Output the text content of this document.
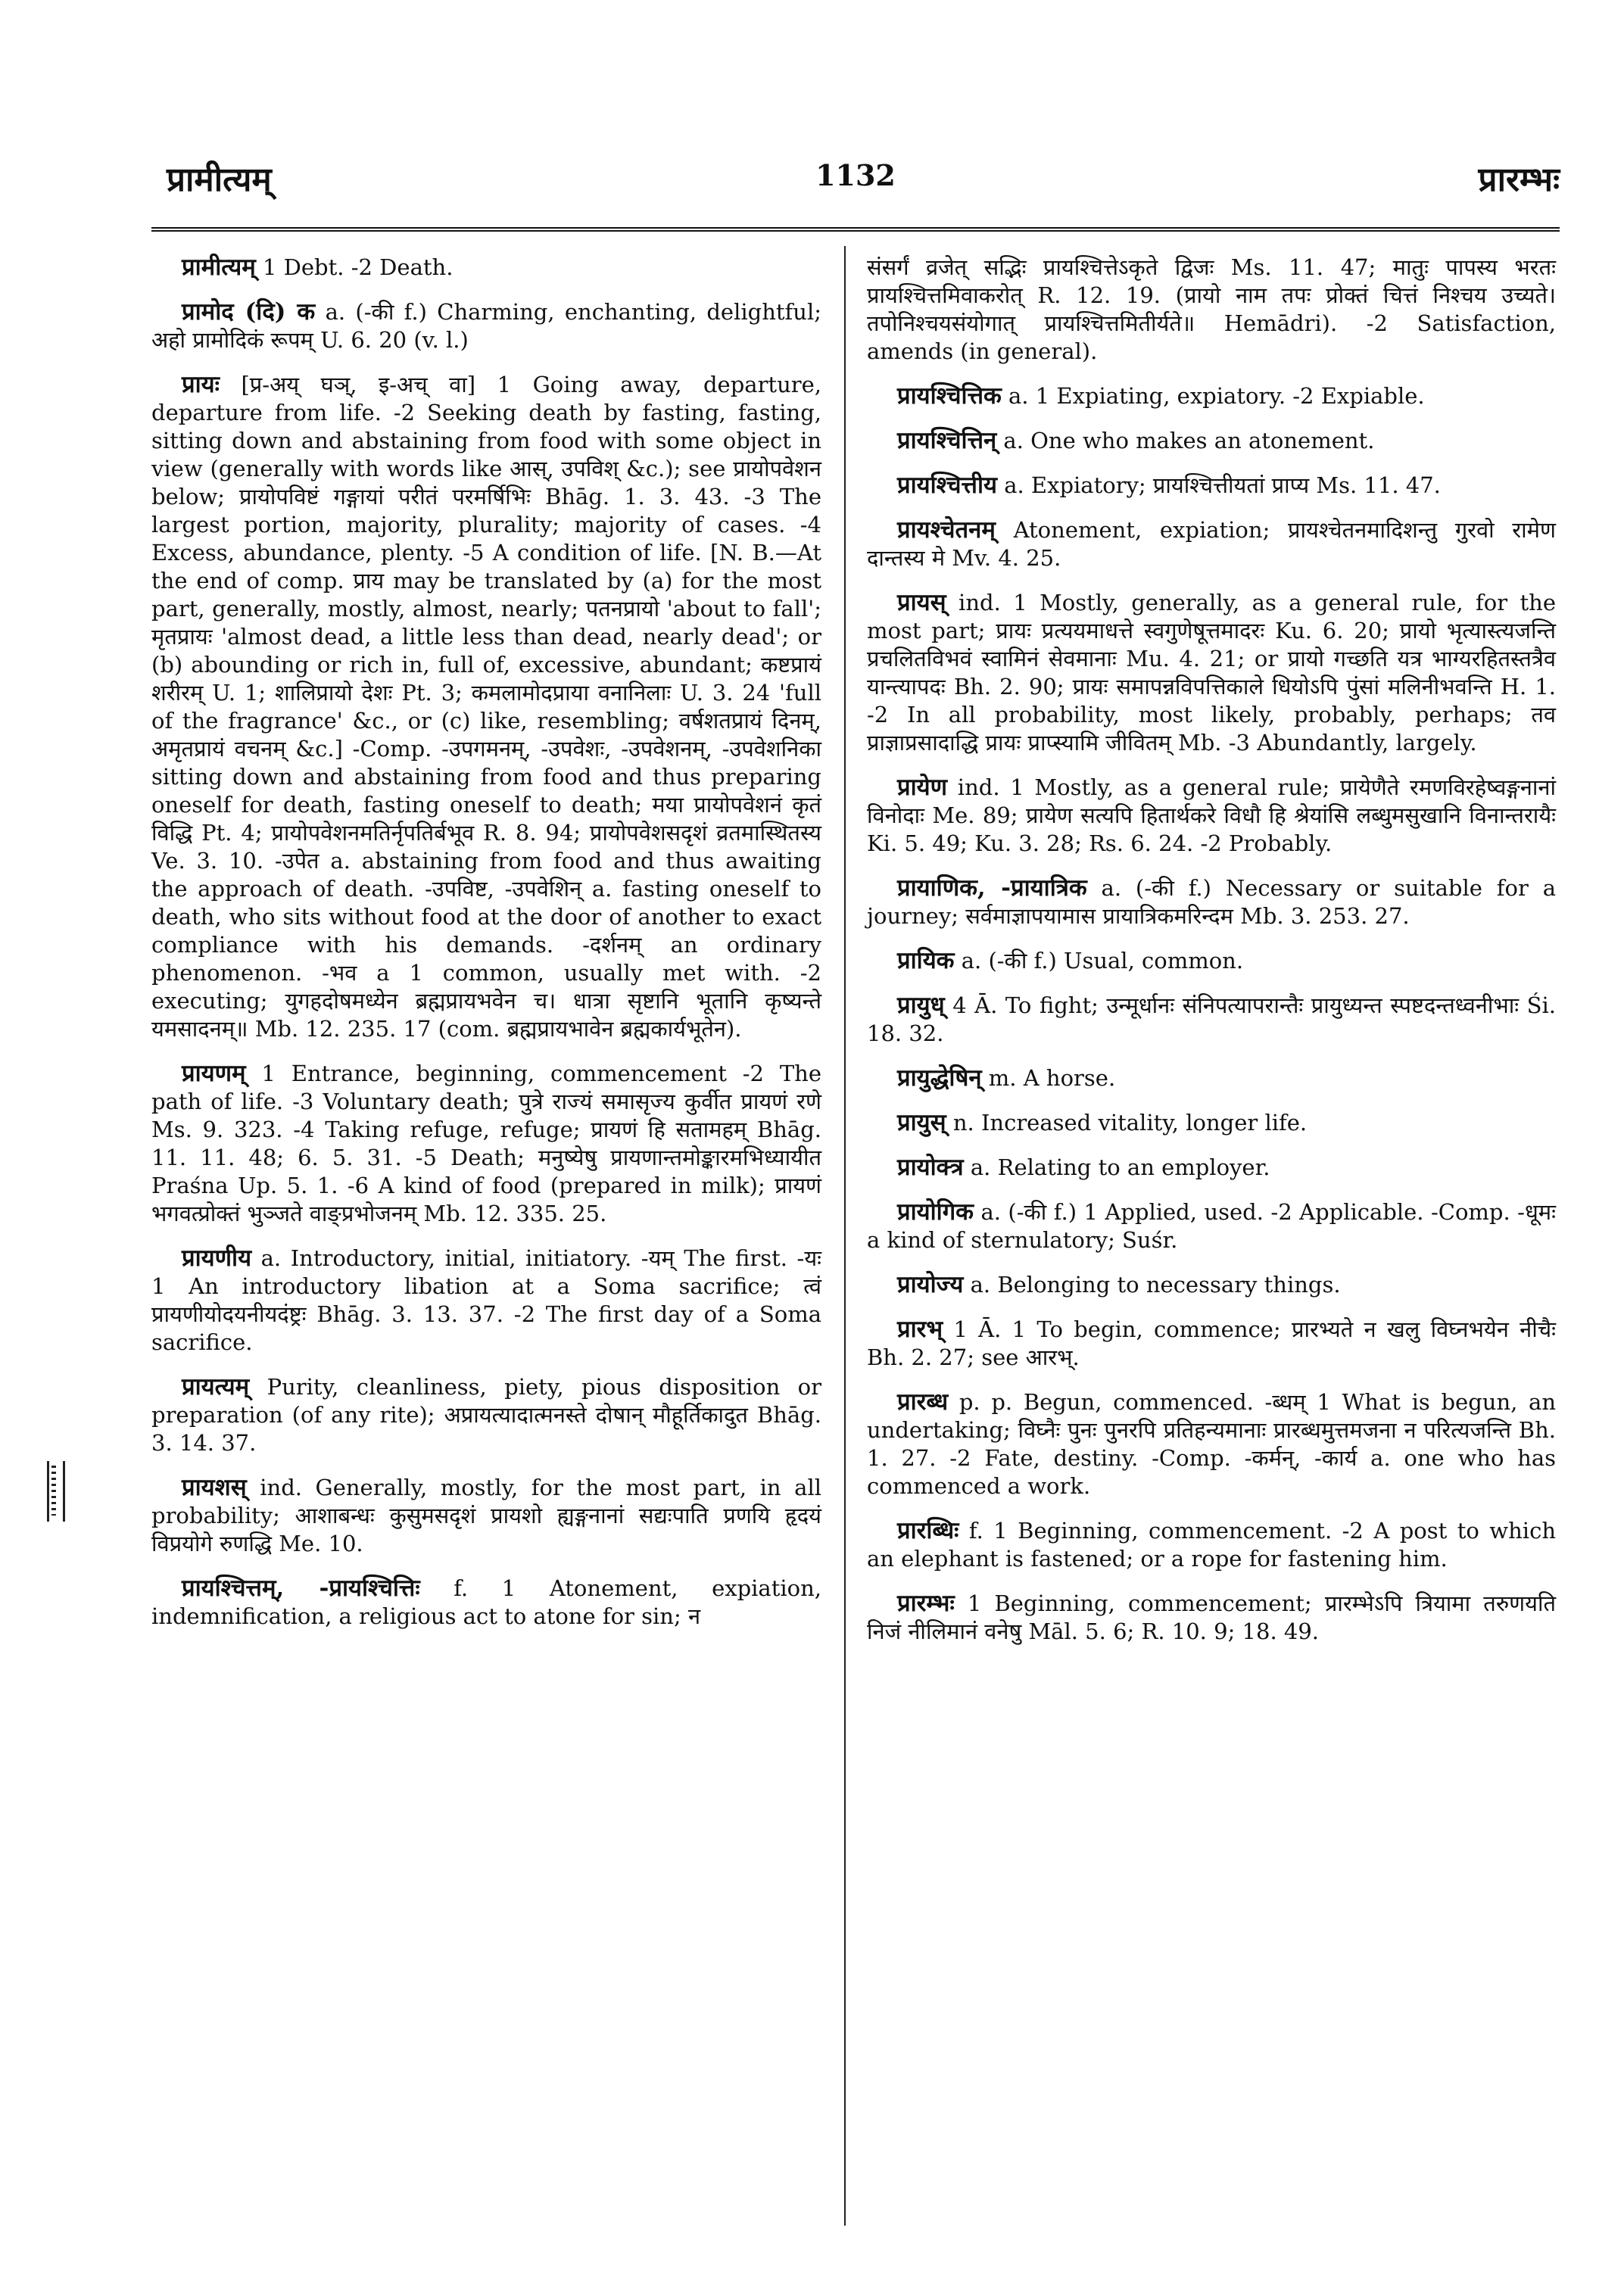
प्रामीत्यम्	1132	प्रारम्भः

प्रामीत्यम् 1 Debt. -2 Death.

प्रामोद (दि) क a. (-की f.) Charming, enchanting, delightful; अहो प्रामोदिकं रूपम् U. 6. 20 (v. l.)

प्रायः [प्र-अय् घञ्, इ-अच् वा] 1 Going away, departure, departure from life. -2 Seeking death by fasting, fasting, sitting down and abstaining from food with some object in view (generally with words like आस्, उपविश् &c.); see प्रायोपवेशन below; प्रायोपविष्टं गङ्गायां परीतं परमर्षिभिः Bhāg. 1. 3. 43. -3 The largest portion, majority, plurality; majority of cases. -4 Excess, abundance, plenty. -5 A condition of life. [N. B.—At the end of comp. प्राय may be translated by (a) for the most part, generally, mostly, almost, nearly; पतनप्रायो 'about to fall'; मृतप्रायः 'almost dead, a little less than dead, nearly dead'; or (b) abounding or rich in, full of, excessive, abundant; कष्टप्रायं शरीरम् U. 1; शालिप्रायो देशः Pt. 3; कमलामोदप्राया वनानिलाः U. 3. 24 'full of the fragrance' &c., or (c) like, resembling; वर्षशतप्रायं दिनम्, अमृतप्रायं वचनम् &c.] -Comp. -उपगमनम्, -उपवेशः, -उपवेशनम्, -उपवेशनिका sitting down and abstaining from food and thus preparing oneself for death, fasting oneself to death; मया प्रायोपवेशनं कृतं विद्धि Pt. 4; प्रायोपवेशनमतिर्नृपतिर्बभूव R. 8. 94; प्रायोपवेशसदृशं व्रतमास्थितस्य Ve. 3. 10. -उपेत a. abstaining from food and thus awaiting the approach of death. -उपविष्ट, -उपवेशिन् a. fasting oneself to death, who sits without food at the door of another to exact compliance with his demands. -दर्शनम् an ordinary phenomenon. -भव a 1 common, usually met with. -2 executing; युगहदोषमध्येन ब्रह्मप्रायभवेन च। धात्रा सृष्टानि भूतानि कृष्यन्ते यमसादनम्॥ Mb. 12. 235. 17 (com. ब्रह्मप्रायभावेन ब्रह्मकार्यभूतेन).

प्रायणम् 1 Entrance, beginning, commencement -2 The path of life. -3 Voluntary death; पुत्रे राज्यं समासृज्य कुर्वीत प्रायणं रणे Ms. 9. 323. -4 Taking refuge, refuge; प्रायणं हि सतामहम् Bhāg. 11. 11. 48; 6. 5. 31. -5 Death; मनुष्येषु प्रायणान्तमोङ्कारमभिध्यायीत Praśna Up. 5. 1. -6 A kind of food (prepared in milk); प्रायणं भगवत्प्रोक्तं भुञ्जते वाङ्प्रभोजनम् Mb. 12. 335. 25.

प्रायणीय a. Introductory, initial, initiatory. -यम् The first. -यः 1 An introductory libation at a Soma sacrifice; त्वं प्रायणीयोदयनीयदंष्ट्रः Bhāg. 3. 13. 37. -2 The first day of a Soma sacrifice.

प्रायत्यम् Purity, cleanliness, piety, pious disposition or preparation (of any rite); अप्रायत्यादात्मनस्ते दोषान् मौहूर्तिकादुत Bhāg. 3. 14. 37.

प्रायशस् ind. Generally, mostly, for the most part, in all probability; आशाबन्धः कुसुमसदृशं प्रायशो ह्यङ्गनानां सद्यःपाति प्रणयि हृदयं विप्रयोगे रुणद्धि Me. 10.

प्रायश्चित्तम्, -प्रायश्चित्तिः f. 1 Atonement, expiation, indemnification, a religious act to atone for sin; न

संसर्गं व्रजेत् सद्भिः प्रायश्चित्तेऽकृते द्विजः Ms. 11. 47; मातुः पापस्य भरतः प्रायश्चित्तमिवाकरोत् R. 12. 19. (प्रायो नाम तपः प्रोक्तं चित्तं निश्चय उच्यते। तपोनिश्चयसंयोगात् प्रायश्चित्तमितीर्यते॥ Hemādri). -2 Satisfaction, amends (in general).

प्रायश्चित्तिक a. 1 Expiating, expiatory. -2 Expiable.

प्रायश्चित्तिन् a. One who makes an atonement.

प्रायश्चित्तीय a. Expiatory; प्रायश्चित्तीयतां प्राप्य Ms. 11. 47.

प्रायश्चेतनम् Atonement, expiation; प्रायश्चेतनमादिशन्तु गुरवो रामेण दान्तस्य मे Mv. 4. 25.

प्रायस् ind. 1 Mostly, generally, as a general rule, for the most part; प्रायः प्रत्ययमाधत्ते स्वगुणेषूत्तमादरः Ku. 6. 20; प्रायो भृत्यास्त्यजन्ति प्रचलितविभवं स्वामिनं सेवमानाः Mu. 4. 21; or प्रायो गच्छति यत्र भाग्यरहितस्तत्रैव यान्त्यापदः Bh. 2. 90; प्रायः समापन्नविपत्तिकाले धियोऽपि पुंसां मलिनीभवन्ति H. 1. -2 In all probability, most likely, probably, perhaps; तव प्राज्ञाप्रसादाद्धि प्रायः प्राप्स्यामि जीवितम् Mb. -3 Abundantly, largely.

प्रायेण ind. 1 Mostly, as a general rule; प्रायेणैते रमणविरहेष्वङ्गनानां विनोदाः Me. 89; प्रायेण सत्यपि हितार्थकरे विधौ हि श्रेयांसि लब्धुमसुखानि विनान्तरायैः Ki. 5. 49; Ku. 3. 28; Rs. 6. 24. -2 Probably.

प्रायाणिक, -प्रायात्रिक a. (-की f.) Necessary or suitable for a journey; सर्वमाज्ञापयामास प्रायात्रिकमरिन्दम Mb. 3. 253. 27.

प्रायिक a. (-की f.) Usual, common.

प्रायुध् 4 Ā. To fight; उन्मूर्धानः संनिपत्यापरान्तैः प्रायुध्यन्त स्पष्टदन्तध्वनीभाः Śi. 18. 32.

प्रायुद्धेषिन् m. A horse.

प्रायुस् n. Increased vitality, longer life.

प्रायोक्त्र a. Relating to an employer.

प्रायोगिक a. (-की f.) 1 Applied, used. -2 Applicable. -Comp. -धूमः a kind of sternulatory; Suśr.

प्रायोज्य a. Belonging to necessary things.

प्रारभ् 1 Ā. 1 To begin, commence; प्रारभ्यते न खलु विघ्नभयेन नीचैः Bh. 2. 27; see आरभ्.

प्रारब्ध p. p. Begun, commenced. -ब्धम् 1 What is begun, an undertaking; विघ्नैः पुनः पुनरपि प्रतिहन्यमानाः प्रारब्धमुत्तमजना न परित्यजन्ति Bh. 1. 27. -2 Fate, destiny. -Comp. -कर्मन्, -कार्य a. one who has commenced a work.

प्रारब्धिः f. 1 Beginning, commencement. -2 A post to which an elephant is fastened; or a rope for fastening him.

प्रारम्भः 1 Beginning, commencement; प्रारम्भेऽपि त्रियामा तरुणयति निजं नीलिमानं वनेषु Māl. 5. 6; R. 10. 9; 18. 49.
